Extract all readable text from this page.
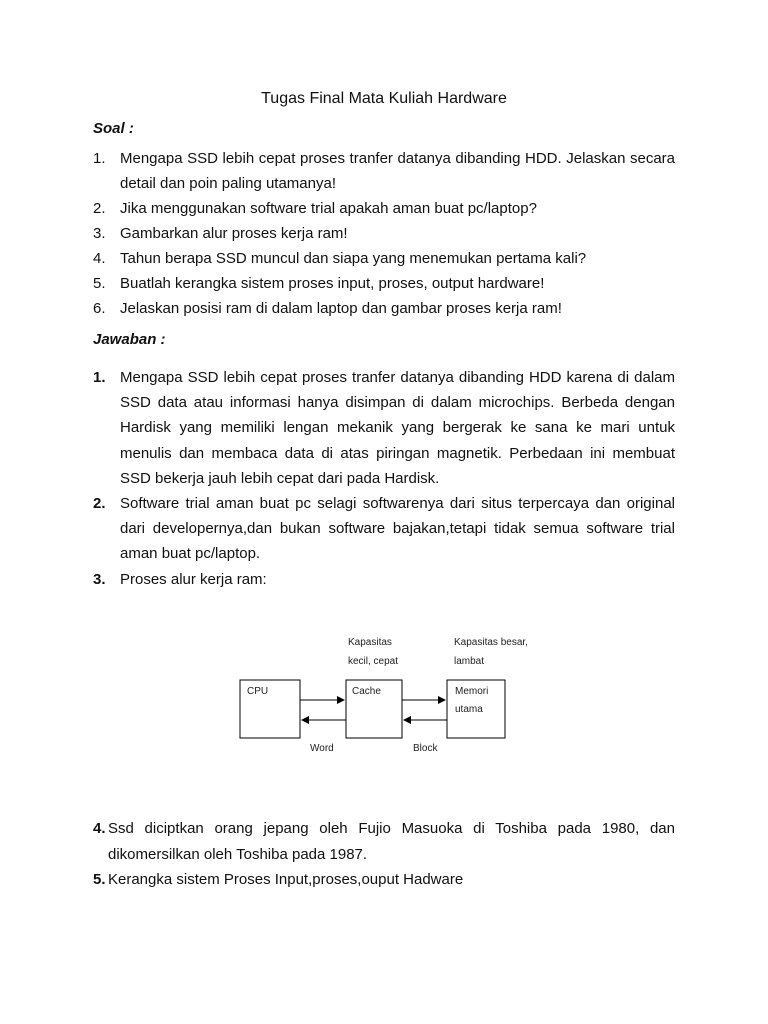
Tugas Final Mata Kuliah Hardware
Soal :
1. Mengapa SSD lebih cepat proses tranfer datanya dibanding HDD. Jelaskan secara detail dan poin paling utamanya!
2. Jika menggunakan software trial apakah aman buat pc/laptop?
3. Gambarkan alur proses kerja ram!
4. Tahun berapa SSD muncul dan siapa yang menemukan pertama kali?
5. Buatlah kerangka sistem proses input, proses, output hardware!
6. Jelaskan posisi ram di dalam laptop dan gambar proses kerja ram!
Jawaban :
1. Mengapa SSD lebih cepat proses tranfer datanya dibanding HDD karena di dalam SSD data atau informasi hanya disimpan di dalam microchips. Berbeda dengan Hardisk yang memiliki lengan mekanik yang bergerak ke sana ke mari untuk menulis dan membaca data di atas piringan magnetik. Perbedaan ini membuat SSD bekerja jauh lebih cepat dari pada Hardisk.
2. Software trial aman buat pc selagi softwarenya dari situs terpercaya dan original dari developernya,dan bukan software bajakan,tetapi tidak semua software trial aman buat pc/laptop.
3. Proses alur kerja ram:
Kapasitas
kecil, cepat
Kapasitas besar,
lambat
CPU	Cache	Memori
utama
Word	Block
4. Ssd diciptkan orang jepang oleh Fujio Masuoka di Toshiba pada 1980, dan dikomersilkan oleh Toshiba pada 1987.
5. Kerangka sistem Proses Input,proses,ouput Hadware
